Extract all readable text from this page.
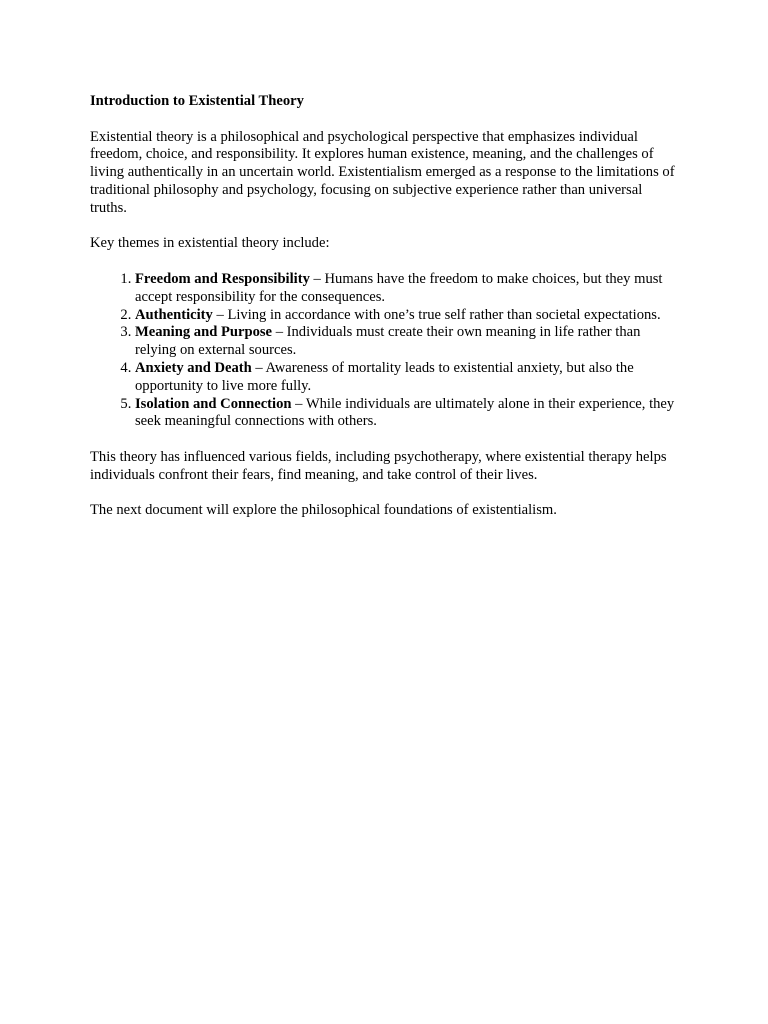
Introduction to Existential Theory

Existential theory is a philosophical and psychological perspective that emphasizes individual freedom, choice, and responsibility. It explores human existence, meaning, and the challenges of living authentically in an uncertain world. Existentialism emerged as a response to the limitations of traditional philosophy and psychology, focusing on subjective experience rather than universal truths.

Key themes in existential theory include:

1. Freedom and Responsibility – Humans have the freedom to make choices, but they must accept responsibility for the consequences.
2. Authenticity – Living in accordance with one’s true self rather than societal expectations.
3. Meaning and Purpose – Individuals must create their own meaning in life rather than relying on external sources.
4. Anxiety and Death – Awareness of mortality leads to existential anxiety, but also the opportunity to live more fully.
5. Isolation and Connection – While individuals are ultimately alone in their experience, they seek meaningful connections with others.

This theory has influenced various fields, including psychotherapy, where existential therapy helps individuals confront their fears, find meaning, and take control of their lives.

The next document will explore the philosophical foundations of existentialism.
